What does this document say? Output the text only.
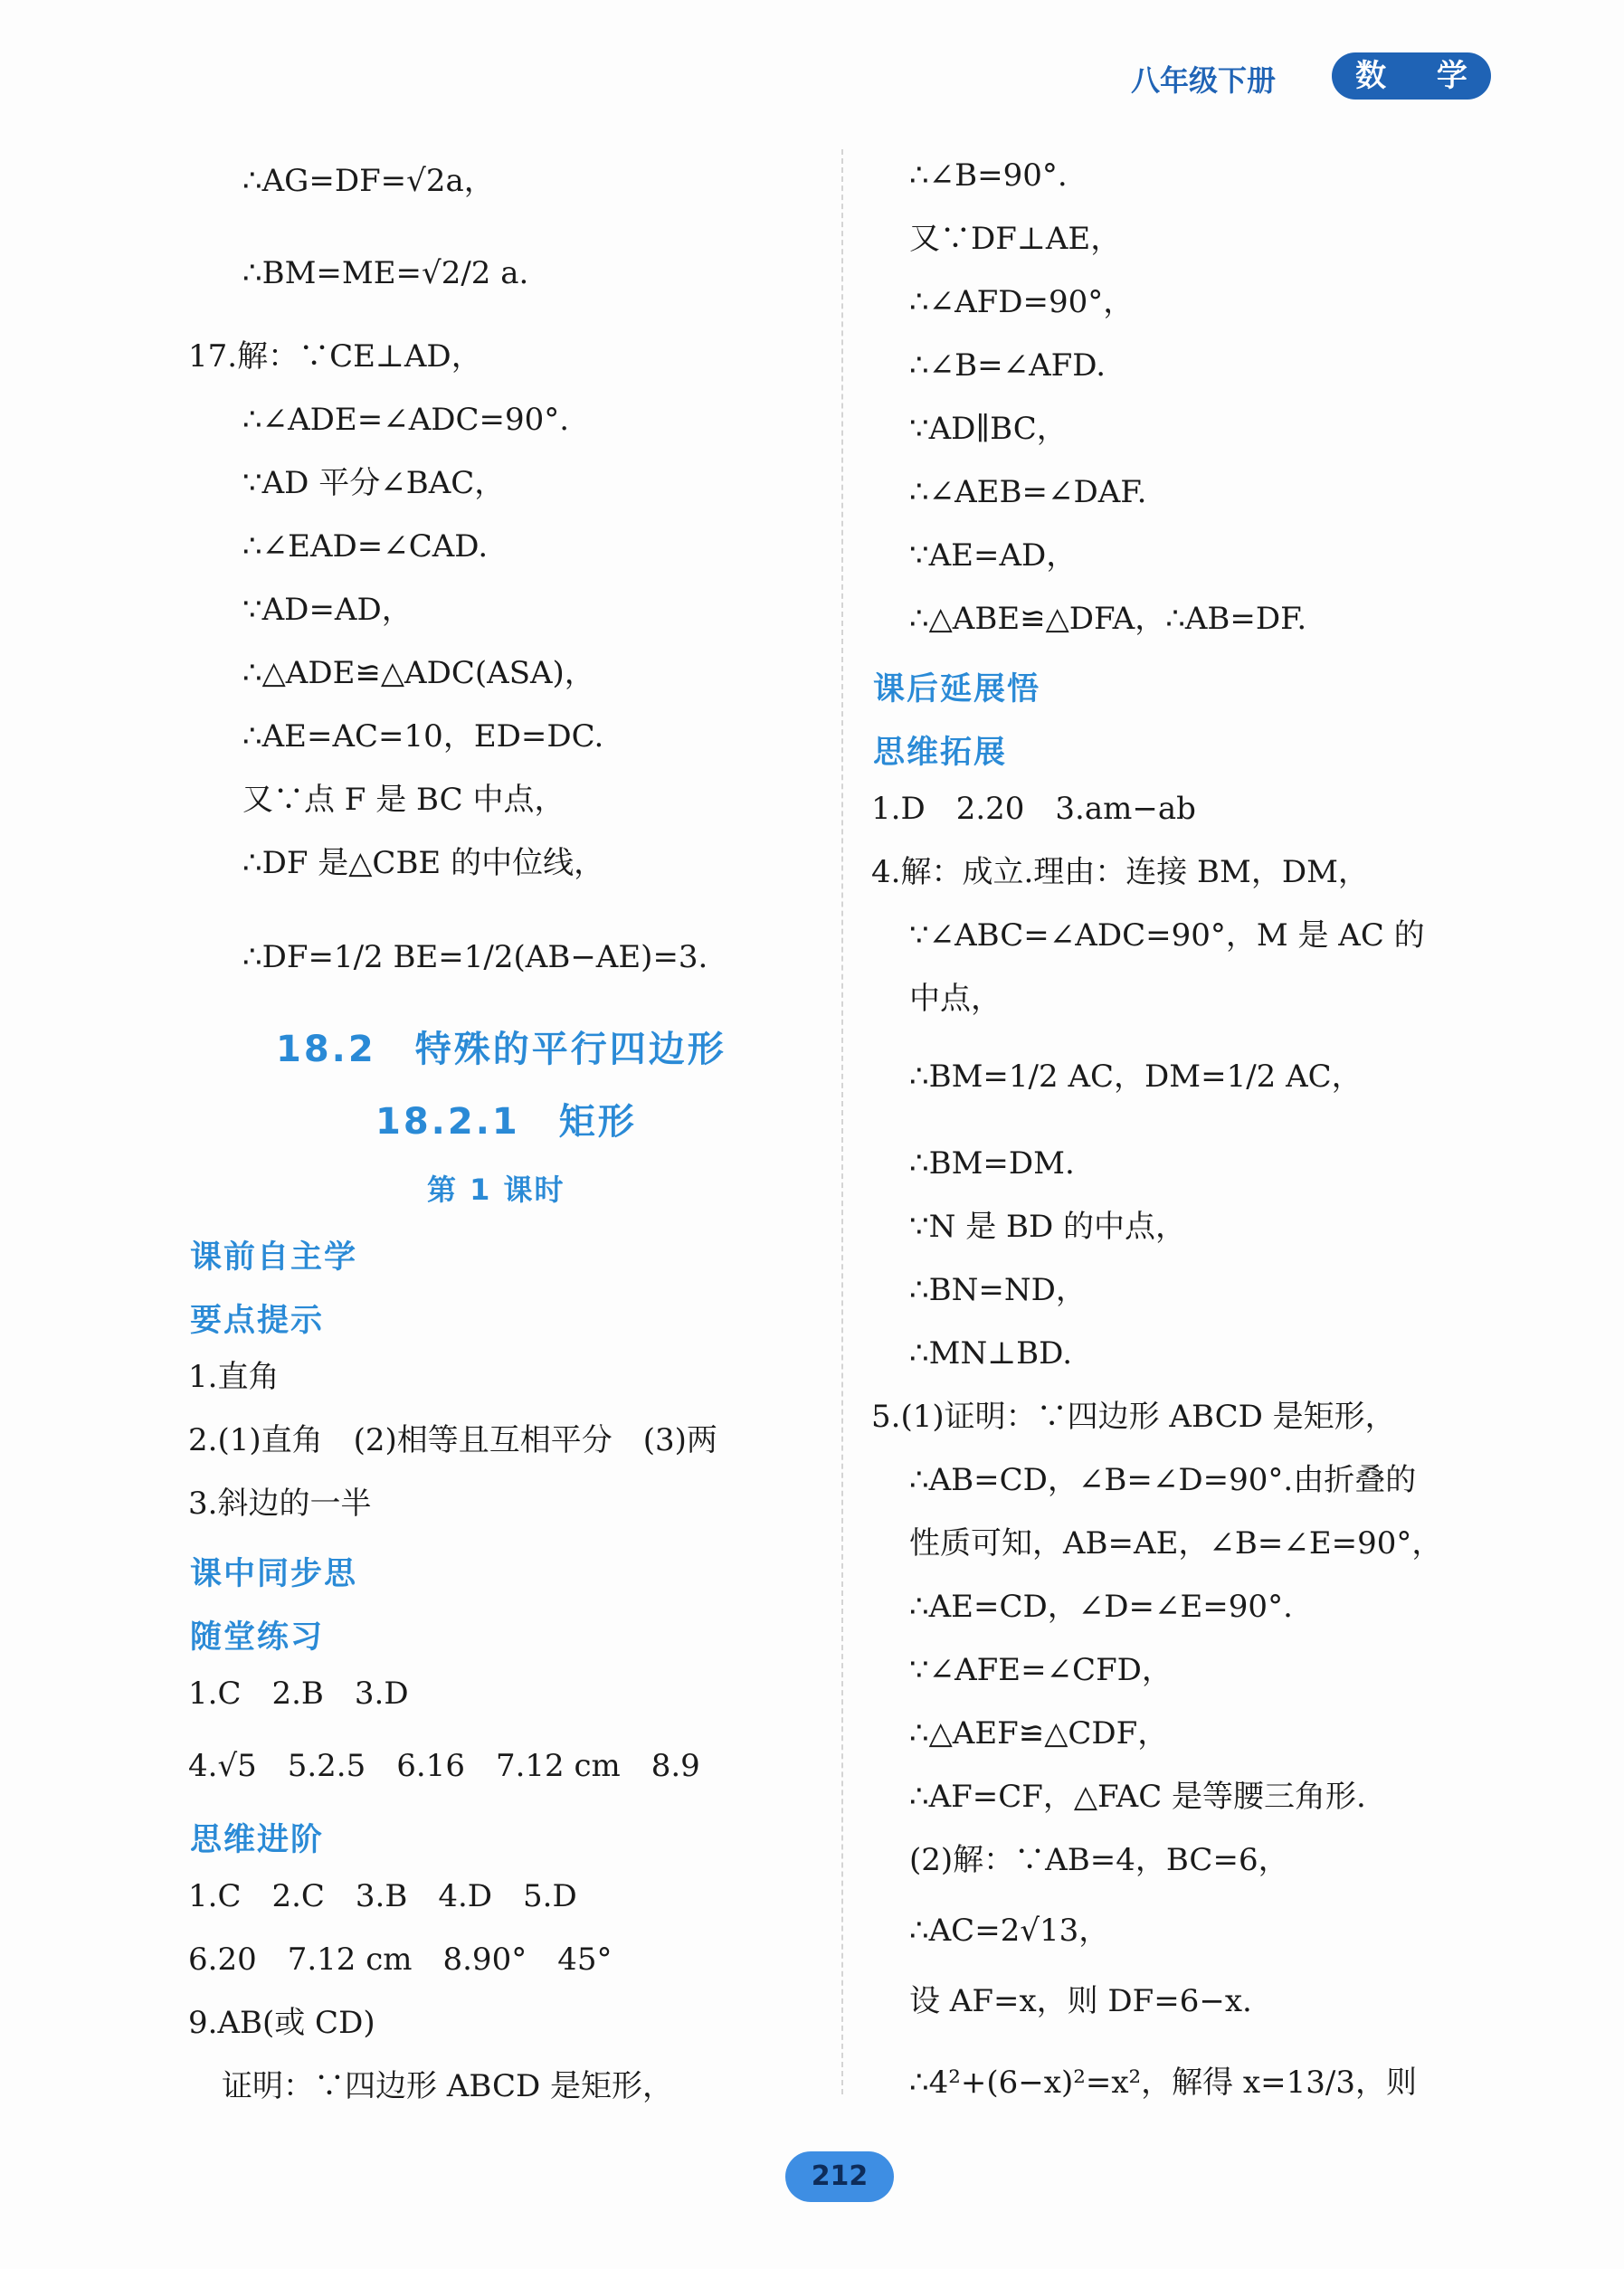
八年级下册	数 学
∴AG=DF=√2a，
∴BM=ME=√2/2 a.
17.解：∵CE⊥AD，
∴∠ADE=∠ADC=90°.
∵AD 平分∠BAC，
∴∠EAD=∠CAD.
∵AD=AD，
∴△ADE≌△ADC(ASA)，
∴AE=AC=10，ED=DC.
又∵点 F 是 BC 中点，
∴DF 是△CBE 的中位线，
∴DF=1/2 BE=1/2(AB−AE)=3.
18.2　特殊的平行四边形
18.2.1　矩形
第 1 课时
课前自主学
要点提示
1.直角
2.(1)直角　(2)相等且互相平分　(3)两
3.斜边的一半
课中同步思
随堂练习
1.C　2.B　3.D
4.√5　5.2.5　6.16　7.12 cm　8.9
思维进阶
1.C　2.C　3.B　4.D　5.D
6.20　7.12 cm　8.90°　45°
9.AB(或 CD)
证明：∵四边形 ABCD 是矩形，
∴∠B=90°.
又∵DF⊥AE，
∴∠AFD=90°，
∴∠B=∠AFD.
∵AD∥BC，
∴∠AEB=∠DAF.
∵AE=AD，
∴△ABE≌△DFA，∴AB=DF.
课后延展悟
思维拓展
1.D　2.20　3.am−ab
4.解：成立.理由：连接 BM，DM，
∵∠ABC=∠ADC=90°，M 是 AC 的
中点，
∴BM=1/2 AC，DM=1/2 AC，
∴BM=DM.
∵N 是 BD 的中点，
∴BN=ND，
∴MN⊥BD.
5.(1)证明：∵四边形 ABCD 是矩形，
∴AB=CD，∠B=∠D=90°.由折叠的
性质可知，AB=AE，∠B=∠E=90°，
∴AE=CD，∠D=∠E=90°.
∵∠AFE=∠CFD，
∴△AEF≌△CDF，
∴AF=CF，△FAC 是等腰三角形.
(2)解：∵AB=4，BC=6，
∴AC=2√13，
设 AF=x，则 DF=6−x.
∴4²+(6−x)²=x²，解得 x=13/3，则
212
